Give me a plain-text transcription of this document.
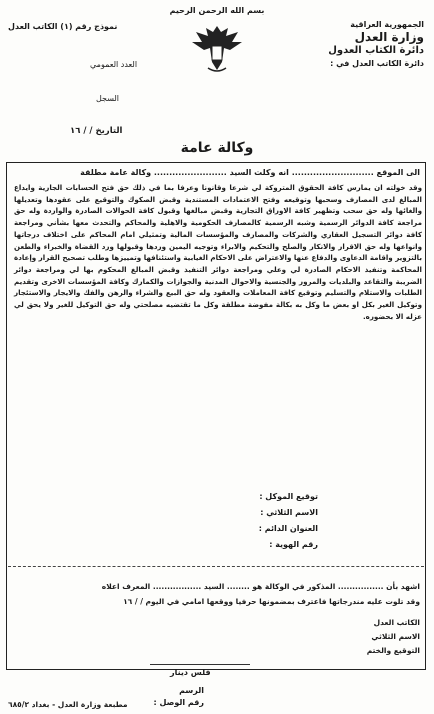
بسم الله الرحمن الرحيم
الجمهورية العراقية
وزارة العدل
دائرة الكتاب العدول
دائرة الكاتب العدل في :
نموذج رقم (١) الكاتب العدل
العدد العمومي
السجل
التاريخ / / ١٦
وكالة عامة
الى الموقع ........................... انه وكلت السيد ........................ وكالة عامة مطلقة
وقد خولته ان يمارس كافة الحقوق المتروكة لي شرعا وقانونا وعرفا بما في ذلك حق فتح الحسابات الجارية وايداع المبالغ لدى المصارف وسحبها وتوقيعه وفتح الاعتمادات المستندية وقبض الصكوك والتوقيع على عقودها وتعديلها والغائها وله حق سحب وتظهير كافة الاوراق التجارية وقبض مبالغها وقبول كافة الحوالات الصادرة والواردة وله حق مراجعة كافة الدوائر الرسمية وشبه الرسمية كالمصارف الحكومية والاهلية والمحاكم والتحدث معها بشأني ومراجعة كافة دوائر التسجيل العقاري والشركات والمصارف والمؤسسات المالية وتمثيلي امام المحاكم على اختلاف درجاتها وانواعها وله حق الاقرار والانكار والصلح والتحكيم والابراء وتوجيه اليمين وردها وقبولها ورد القضاة والخبراء والطعن بالتزوير واقامة الدعاوى والدفاع عنها والاعتراض على الاحكام الغيابية واستئنافها وتمييزها وطلب تصحيح القرار وإعادة المحاكمة وتنفيذ الاحكام الصادرة لي وعلي ومراجعة دوائر التنفيذ وقبض المبالغ المحكوم بها لي ومراجعة دوائر الضريبة والتقاعد والبلديات والمرور والجنسية والاحوال المدنية والجوازات والكمارك وكافة المؤسسات الاخرى وتقديم الطلبات والاستلام والتسليم وتوقيع كافة المعاملات والعقود وله حق البيع والشراء والرهن والفك والايجار والاستئجار وتوكيل الغير بكل او بعض ما وكل به بكالة مفوضة مطلقة وكل ما تقتضيه مصلحتي وله حق التوكيل للغير ولا يحق لي عزله الا بحضوره.
توقيع الموكل :
الاسم الثلاثي :
العنوان الدائم :
رقم الهوية :
اشهد بأن ................ المذكور في الوكالة هو ........ السيد ................. المعرف اعلاه
وقد تلوت عليه مندرجاتها فاعترف بمضمونها حرفيا ووقعها امامي في اليوم / / ١٦
الكاتب العدل
الاسم الثلاثي
التوقيع والختم
فلس دينار
الرسم
رقم الوصل :
مطبعة وزارة العدل - بغداد ٦٨٥/٢
